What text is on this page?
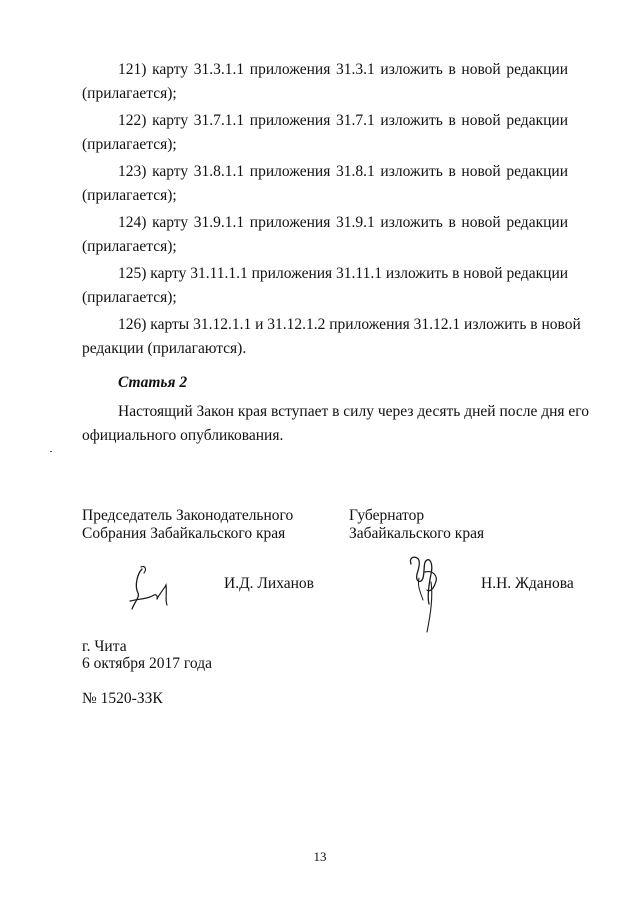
121) карту 31.3.1.1 приложения 31.3.1 изложить в новой редакции
(прилагается);

122) карту 31.7.1.1 приложения 31.7.1 изложить в новой редакции
(прилагается);

123) карту 31.8.1.1 приложения 31.8.1 изложить в новой редакции
(прилагается);

124) карту 31.9.1.1 приложения 31.9.1 изложить в новой редакции
(прилагается);

125) карту 31.11.1.1 приложения 31.11.1 изложить в новой редакции
(прилагается);

126) карты 31.12.1.1 и 31.12.1.2 приложения 31.12.1 изложить в новой
редакции (прилагаются).

Статья 2

Настоящий Закон края вступает в силу через десять дней после дня его
официального опубликования.

Председатель Законодательного
Собрания Забайкальского края
Губернатор
Забайкальского края
И.Д. Лиханов	Н.Н. Жданова
г. Чита
6 октября 2017 года
№ 1520-ЗЗК
13
